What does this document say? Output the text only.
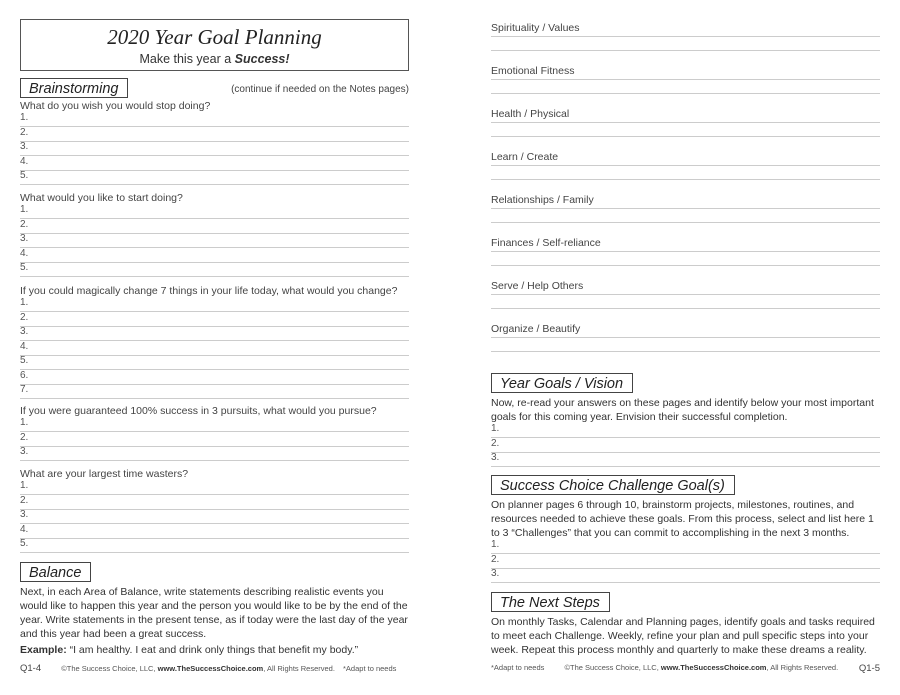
2020 Year Goal Planning
Make this year a Success!
Brainstorming	(continue if needed on the Notes pages)
What do you wish you would stop doing?
1.
2.
3.
4.
5.
What would you like to start doing?
1.
2.
3.
4.
5.
If you could magically change 7 things in your life today, what would you change?
1.
2.
3.
4.
5.
6.
7.
If you were guaranteed 100% success in 3 pursuits, what would you pursue?
1.
2.
3.
What are your largest time wasters?
1.
2.
3.
4.
5.
Balance
Next, in each Area of Balance, write statements describing realistic events you would like to happen this year and the person you would like to be by the end of the year. Write statements in the present tense, as if today were the last day of the year and this year had been a great success.
Example: “I am healthy. I eat and drink only things that benefit my body.”
Q1-4	©The Success Choice, LLC, www.TheSuccessChoice.com, All Rights Reserved. *Adapt to needs
Spirituality / Values
Emotional Fitness
Health / Physical
Learn / Create
Relationships / Family
Finances / Self-reliance
Serve / Help Others
Organize / Beautify
Year Goals / Vision
Now, re-read your answers on these pages and identify below your most important goals for this coming year. Envision their successful completion.
1.
2.
3.
Success Choice Challenge Goal(s)
On planner pages 6 through 10, brainstorm projects, milestones, routines, and resources needed to achieve these goals. From this process, select and list here 1 to 3 “Challenges” that you can commit to accomplishing in the next 3 months.
1.
2.
3.
The Next Steps
On monthly Tasks, Calendar and Planning pages, identify goals and tasks required to meet each Challenge. Weekly, refine your plan and pull specific steps into your week. Repeat this process monthly and quarterly to make these dreams a reality.
*Adapt to needs	©The Success Choice, LLC, www.TheSuccessChoice.com, All Rights Reserved. Q1-5
